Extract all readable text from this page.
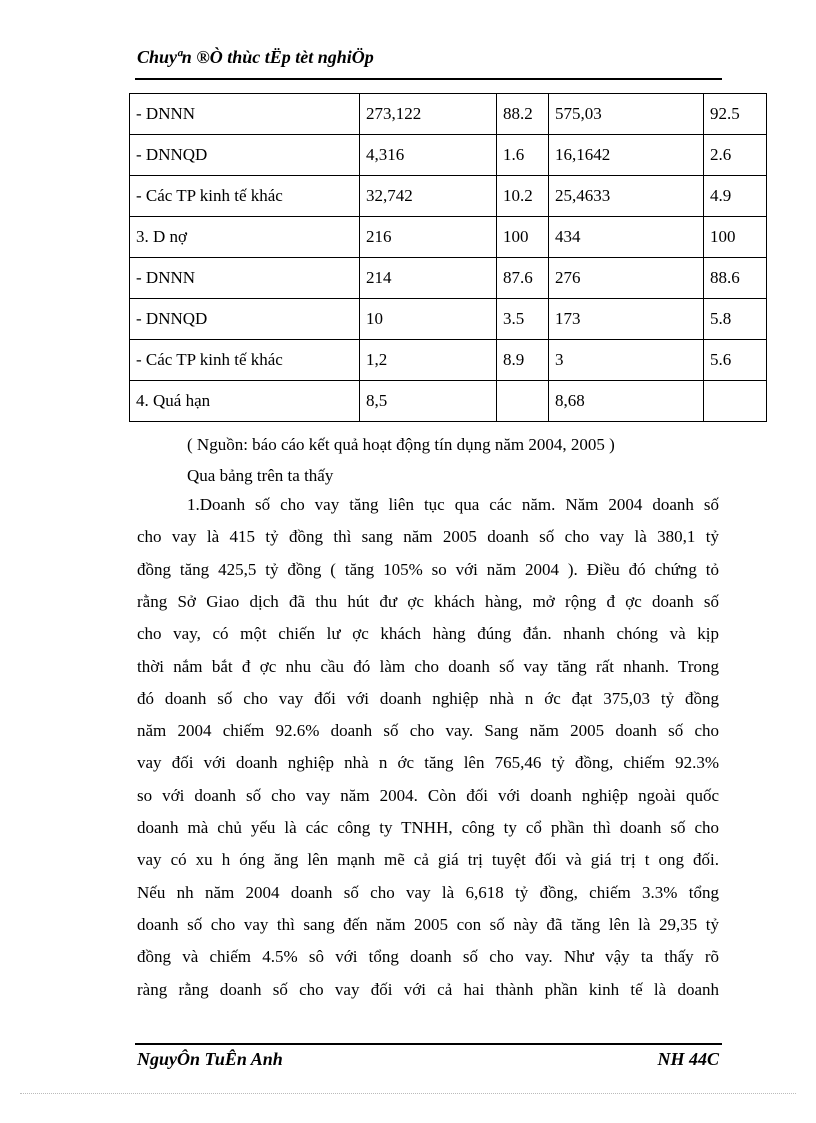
Chuyªn ®Ò thùc tËp tèt nghiÖp
- DNNN	273,122	88.2	575,03	92.5
- DNNQD	4,316	1.6	16,1642	2.6
- Các TP kinh tế khác	32,742	10.2	25,4633	4.9
3. D nợ	216	100	434	100
- DNNN	214	87.6	276	88.6
- DNNQD	10	3.5	173	5.8
- Các TP kinh tế khác	1,2	8.9	3	5.6
4. Quá hạn	8,5		8,68	
( Nguồn: báo cáo kết quả hoạt động tín dụng năm 2004, 2005 )
Qua bảng trên ta thấy
1.Doanh số cho vay tăng liên tục qua các năm. Năm 2004 doanh số
cho vay là 415 tỷ đồng thì sang năm 2005 doanh số cho vay là 380,1 tỷ
đồng tăng 425,5 tỷ đồng ( tăng 105% so với năm 2004 ). Điều đó chứng tỏ
rằng Sở Giao dịch đã thu hút đư ợc khách hàng, mở rộng đ ợc doanh số
cho vay, có một chiến lư ợc khách hàng đúng đắn. nhanh chóng và kịp
thời nắm bắt đ ợc nhu cầu đó làm cho doanh số vay tăng rất nhanh. Trong
đó doanh số cho vay đối với doanh nghiệp nhà n ớc đạt 375,03 tỷ đồng
năm 2004 chiếm 92.6% doanh số cho vay. Sang năm 2005 doanh số cho
vay đối với doanh nghiệp nhà n ớc tăng lên 765,46 tỷ đồng, chiếm 92.3%
so với doanh số cho vay năm 2004. Còn đối với doanh nghiệp ngoài quốc
doanh mà chủ yếu là các công ty TNHH, công ty cổ phần thì doanh số cho
vay có xu h óng ăng lên mạnh mẽ cả giá trị tuyệt đối và giá trị t ong đối.
Nếu nh năm 2004 doanh số cho vay là 6,618 tỷ đồng, chiếm 3.3% tổng
doanh số cho vay thì sang đến năm 2005 con số này đã tăng lên là 29,35 tỷ
đồng và chiếm 4.5% sô với tổng doanh số cho vay. Như vậy ta thấy rõ
ràng rằng doanh số cho vay đối với cả hai thành phần kinh tế là doanh
NguyÔn TuÊn Anh	NH 44C
